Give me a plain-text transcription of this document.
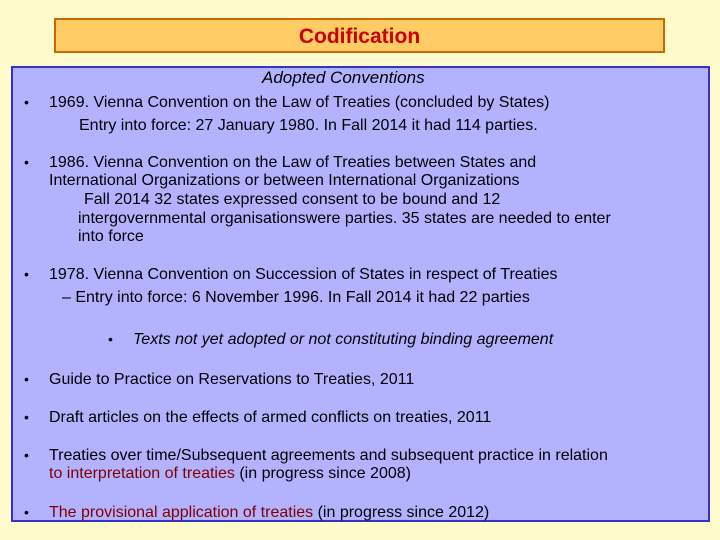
Codification
Adopted Conventions
• 1969. Vienna Convention on the Law of Treaties (concluded by States)
Entry into force: 27 January 1980. In Fall 2014 it had 114 parties.
• 1986. Vienna Convention on the Law of Treaties between States and
International Organizations or between International Organizations
Fall 2014 32 states expressed consent to be bound and 12
intergovernmental organisationswere parties. 35 states are needed to enter
into force
• 1978. Vienna Convention on Succession of States in respect of Treaties
– Entry into force: 6 November 1996. In Fall 2014 it had 22 parties
• Texts not yet adopted or not constituting binding agreement
• Guide to Practice on Reservations to Treaties, 2011
• Draft articles on the effects of armed conflicts on treaties, 2011
• Treaties over time/Subsequent agreements and subsequent practice in relation
to interpretation of treaties (in progress since 2008)
• The provisional application of treaties (in progress since 2012)
